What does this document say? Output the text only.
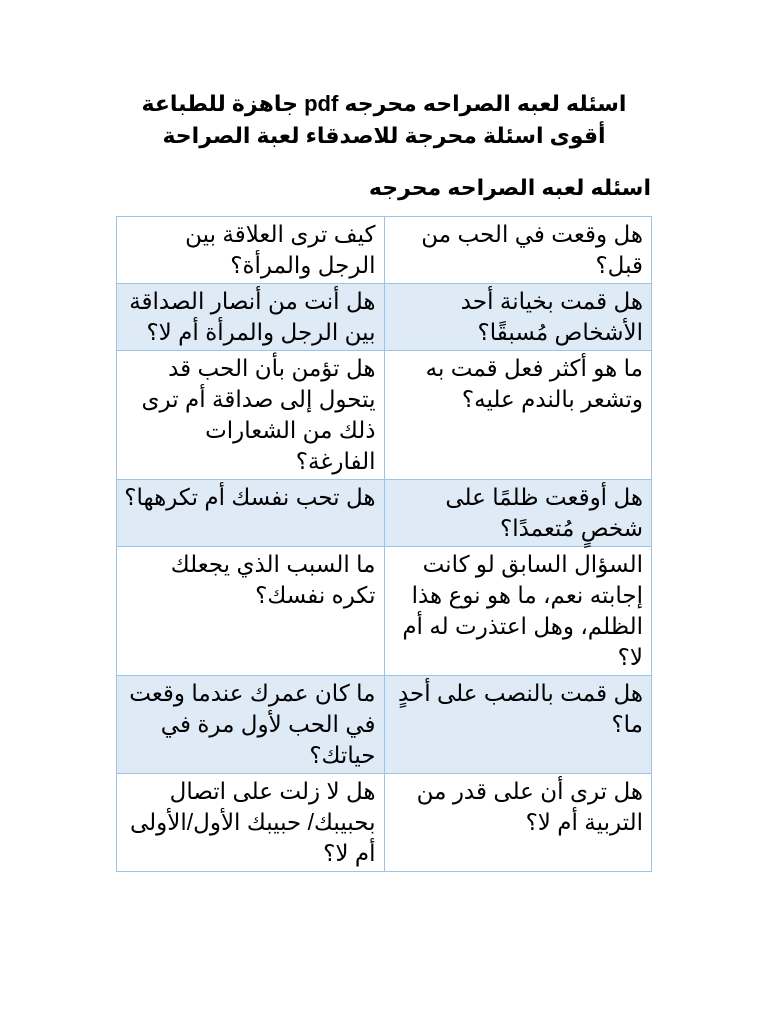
اسئله لعبه الصراحه محرجه pdf جاهزة للطباعة
أقوى اسئلة محرجة للاصدقاء لعبة الصراحة
اسئله لعبه الصراحه محرجه
هل وقعت في الحب من قبل؟	كيف ترى العلاقة بين الرجل والمرأة؟
هل قمت بخيانة أحد الأشخاص مُسبقًا؟	هل أنت من أنصار الصداقة بين الرجل والمرأة أم لا؟
ما هو أكثر فعل قمت به وتشعر بالندم عليه؟	هل تؤمن بأن الحب قد يتحول إلى صداقة أم ترى ذلك من الشعارات الفارغة؟
هل أوقعت ظلمًا على شخصٍ مُتعمدًا؟	هل تحب نفسك أم تكرهها؟
السؤال السابق لو كانت إجابته نعم، ما هو نوع هذا الظلم، وهل اعتذرت له أم لا؟	ما السبب الذي يجعلك تكره نفسك؟
هل قمت بالنصب على أحدٍ ما؟	ما كان عمرك عندما وقعت في الحب لأول مرة في حياتك؟
هل ترى أن على قدر من التربية أم لا؟	هل لا زلت على اتصال بحبيبك/ حبيبك الأول/الأولى أم لا؟
